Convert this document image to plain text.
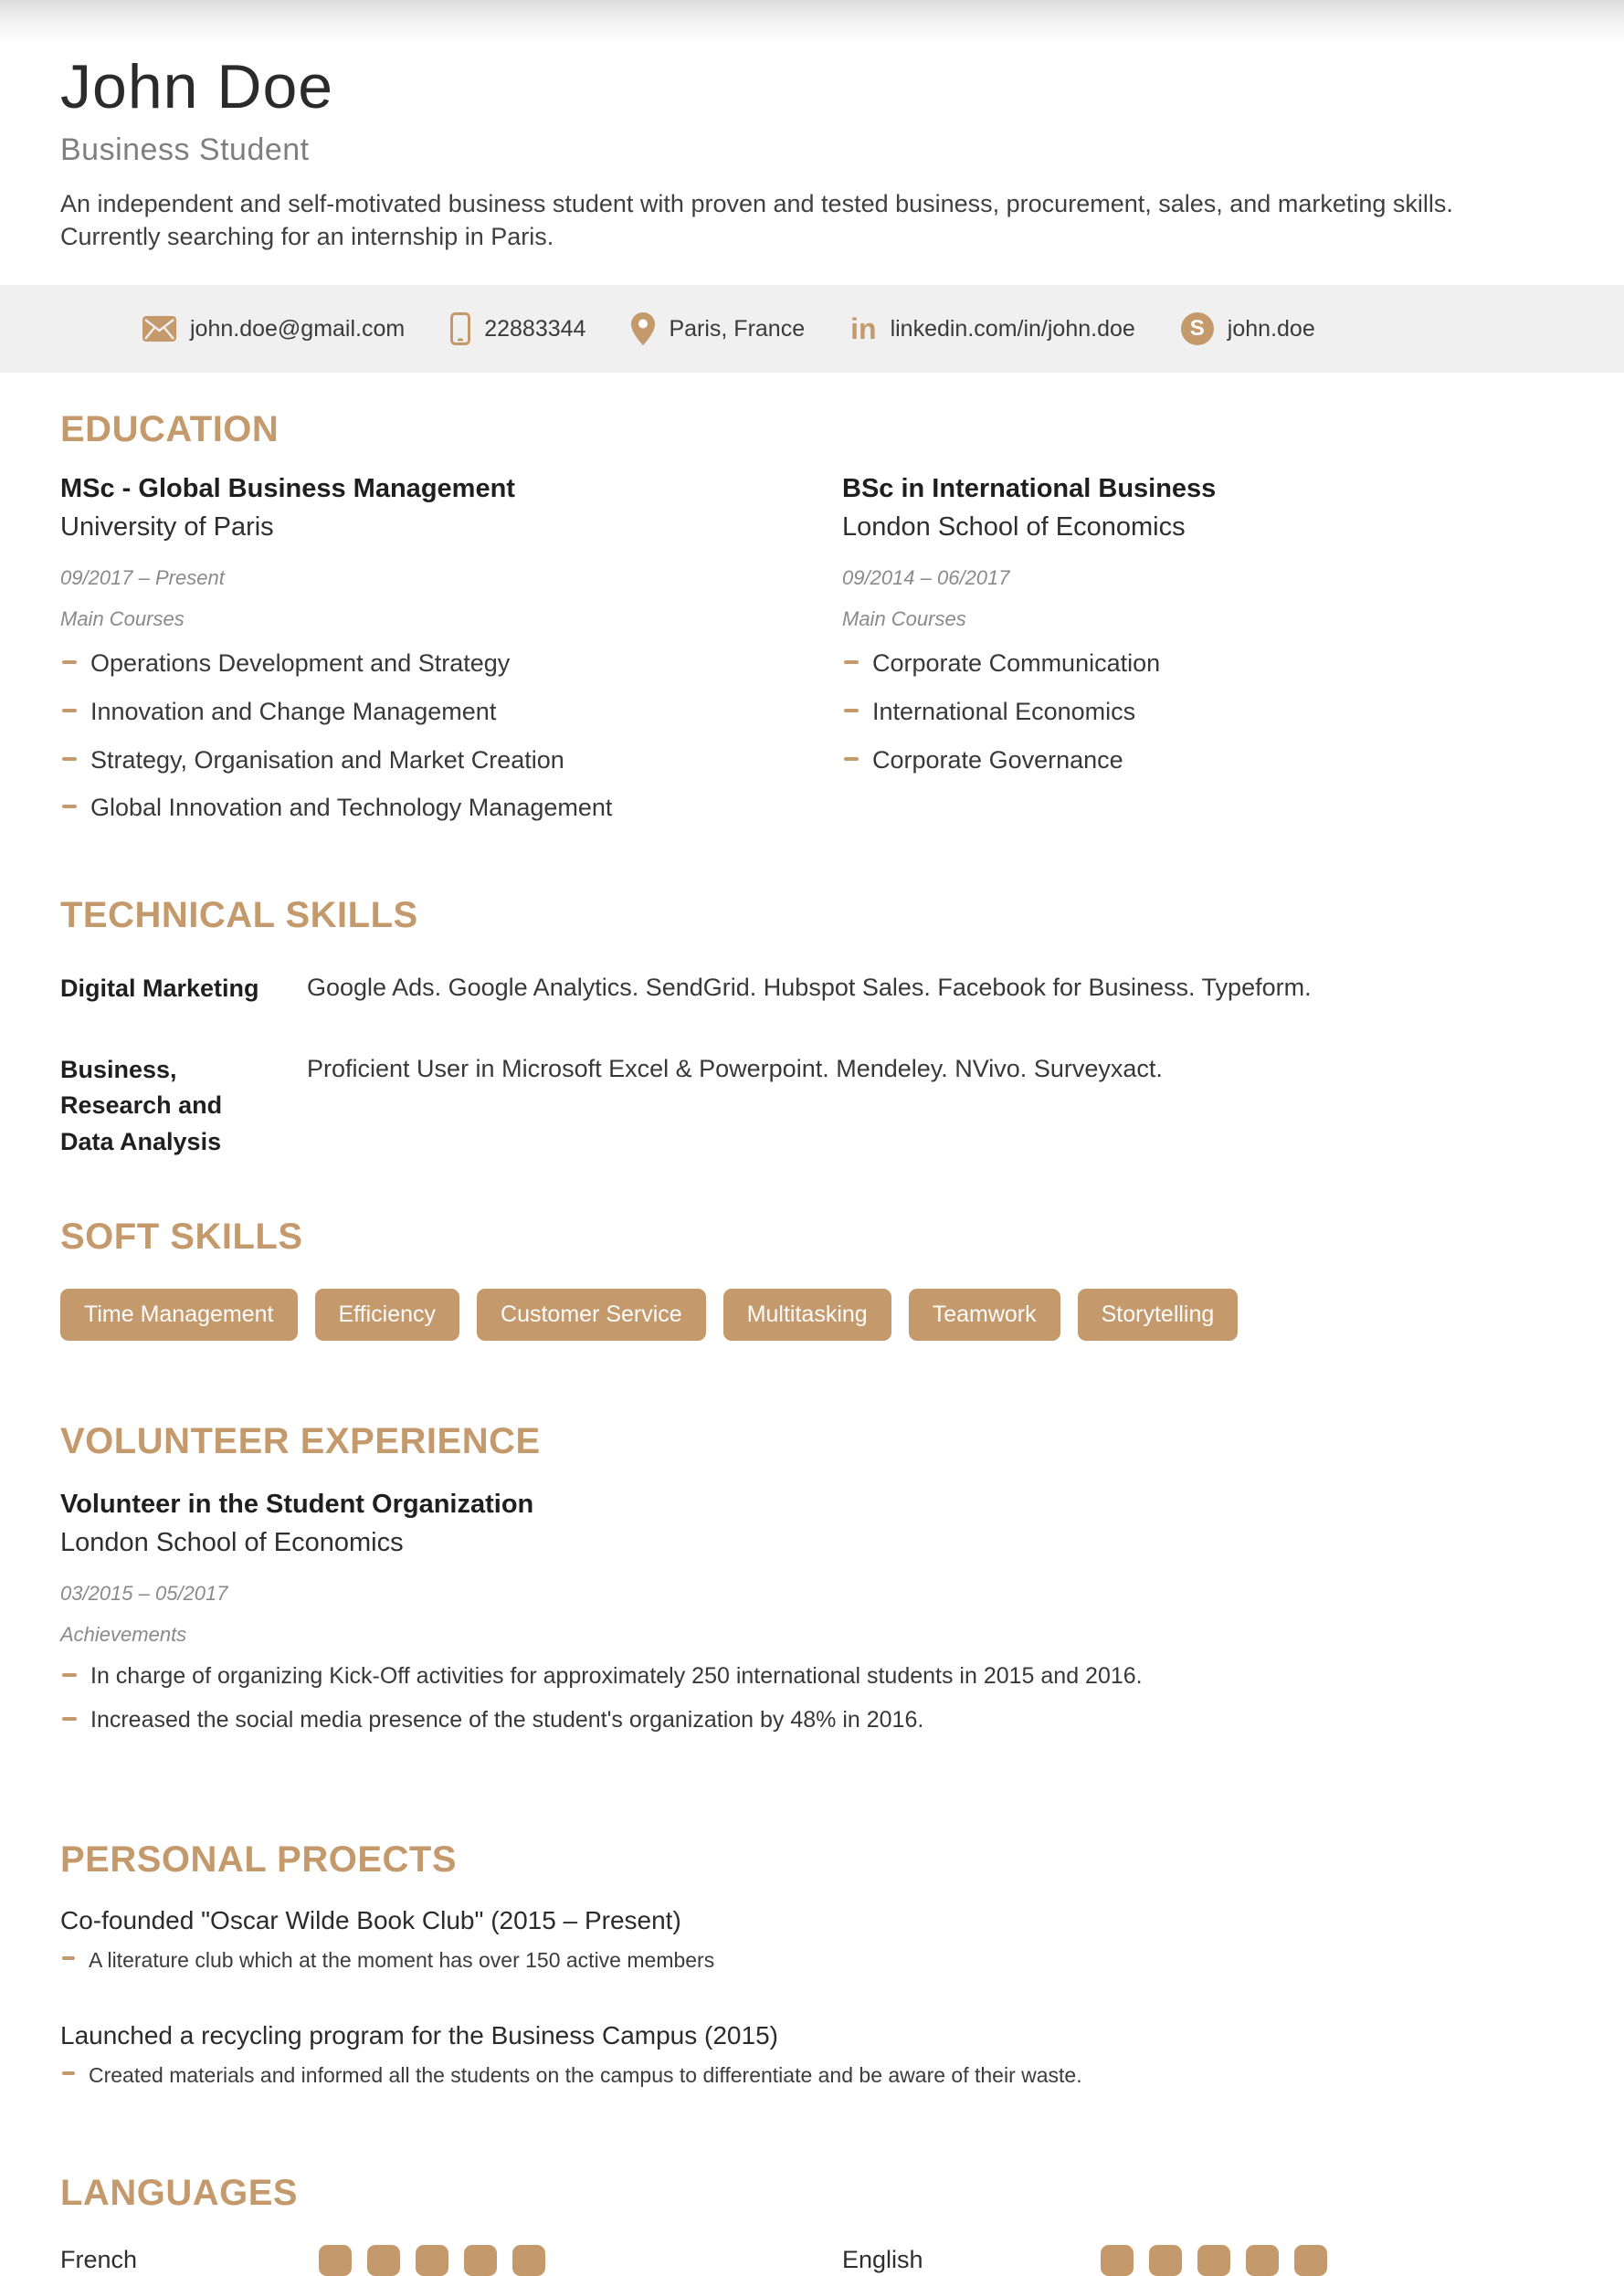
John Doe
Business Student

An independent and self-motivated business student with proven and tested business, procurement, sales, and marketing skills. Currently searching for an internship in Paris.

john.doe@gmail.com	22883344	Paris, France in linkedin.com/in/john.doe	S	john.doe
EDUCATION
MSc - Global Business Management
University of Paris
09/2017 – Present
Main Courses
Operations Development and Strategy
Innovation and Change Management
Strategy, Organisation and Market Creation
Global Innovation and Technology Management
BSc in International Business
London School of Economics
09/2014 – 06/2017
Main Courses
Corporate Communication
International Economics
Corporate Governance
TECHNICAL SKILLS
Digital Marketing Google Ads. Google Analytics. SendGrid. Hubspot Sales. Facebook for Business. Typeform.
Business, Research and Data Analysis
Proficient User in Microsoft Excel & Powerpoint. Mendeley. NVivo. Surveyxact.
SOFT SKILLS
Time Management	Efficiency	Customer Service	Multitasking	Teamwork	Storytelling
VOLUNTEER EXPERIENCE
Volunteer in the Student Organization
London School of Economics
03/2015 – 05/2017
Achievements
In charge of organizing Kick-Off activities for approximately 250 international students in 2015 and 2016.
Increased the social media presence of the student's organization by 48% in 2016.
PERSONAL PROECTS
Co-founded "Oscar Wilde Book Club" (2015 – Present)
A literature club which at the moment has over 150 active members
Launched a recycling program for the Business Campus (2015)
Created materials and informed all the students on the campus to differentiate and be aware of their waste.
LANGUAGES
French	English
